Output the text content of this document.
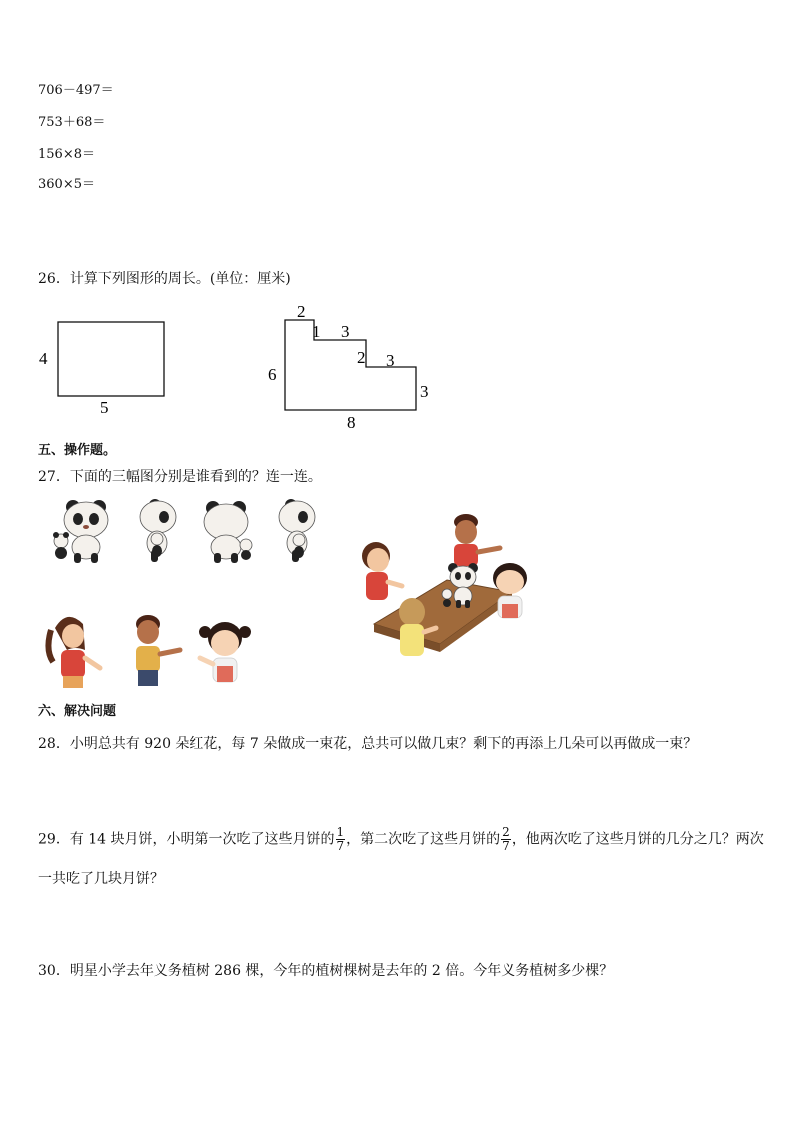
706－497＝
753＋68＝
156×8＝
360×5＝
26．计算下列图形的周长。(单位：厘米)
4
5
2
1 3
2 3
6
3
8
五、操作题。
27．下面的三幅图分别是谁看到的？连一连。
六、解决问题
28．小明总共有 920 朵红花，每 7 朵做成一束花，总共可以做几束？剩下的再添上几朵可以再做成一束？
29．有 14 块月饼，小明第一次吃了这些月饼的 $\frac{1}{7}$ ，第二次吃了这些月饼的 $\frac{2}{7}$ ，他两次吃了这些月饼的几分之几？两次
一共吃了几块月饼？
30．明星小学去年义务植树 286 棵，今年的植树棵树是去年的 2 倍。今年义务植树多少棵？
